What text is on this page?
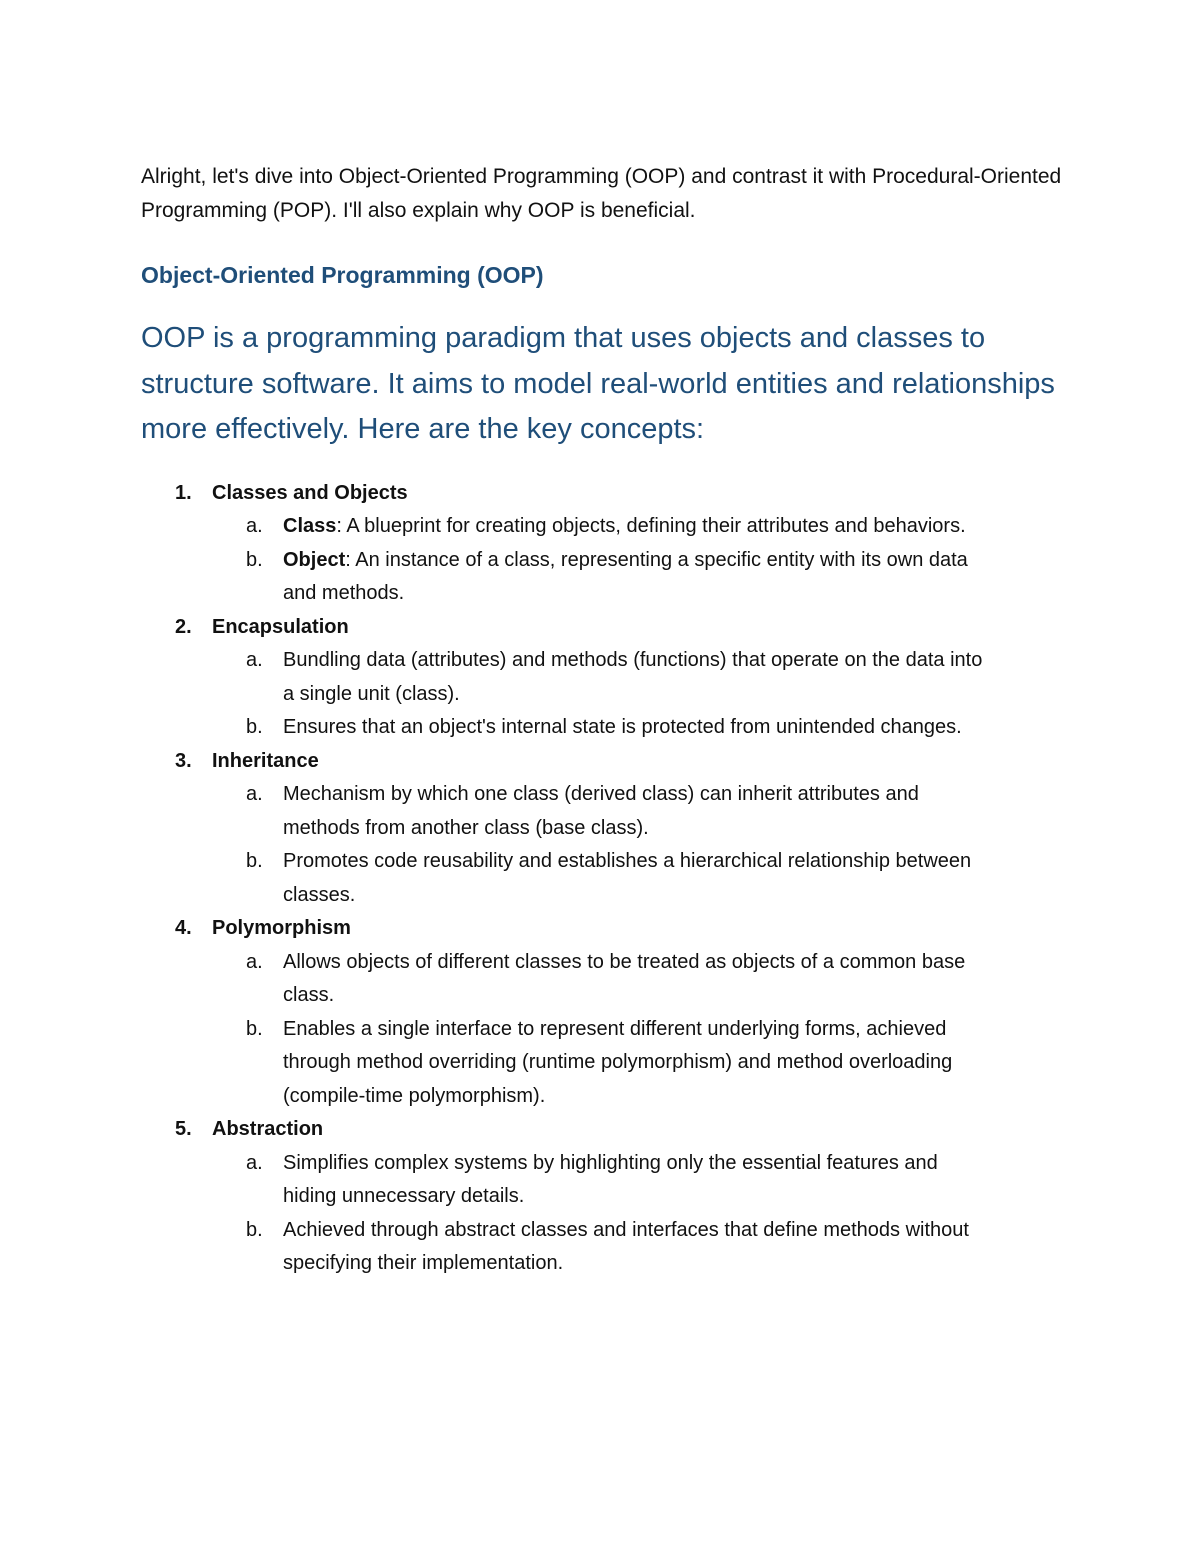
Alright, let's dive into Object-Oriented Programming (OOP) and contrast it with Procedural-Oriented Programming (POP). I'll also explain why OOP is beneficial.

Object-Oriented Programming (OOP)

OOP is a programming paradigm that uses objects and classes to structure software. It aims to model real-world entities and relationships more effectively. Here are the key concepts:

1. Classes and Objects
a. Class: A blueprint for creating objects, defining their attributes and behaviors.
b. Object: An instance of a class, representing a specific entity with its own data and methods.
2. Encapsulation
a. Bundling data (attributes) and methods (functions) that operate on the data into a single unit (class).
b. Ensures that an object's internal state is protected from unintended changes.
3. Inheritance
a. Mechanism by which one class (derived class) can inherit attributes and methods from another class (base class).
b. Promotes code reusability and establishes a hierarchical relationship between classes.
4. Polymorphism
a. Allows objects of different classes to be treated as objects of a common base class.
b. Enables a single interface to represent different underlying forms, achieved through method overriding (runtime polymorphism) and method overloading (compile-time polymorphism).
5. Abstraction
a. Simplifies complex systems by highlighting only the essential features and hiding unnecessary details.
b. Achieved through abstract classes and interfaces that define methods without specifying their implementation.
